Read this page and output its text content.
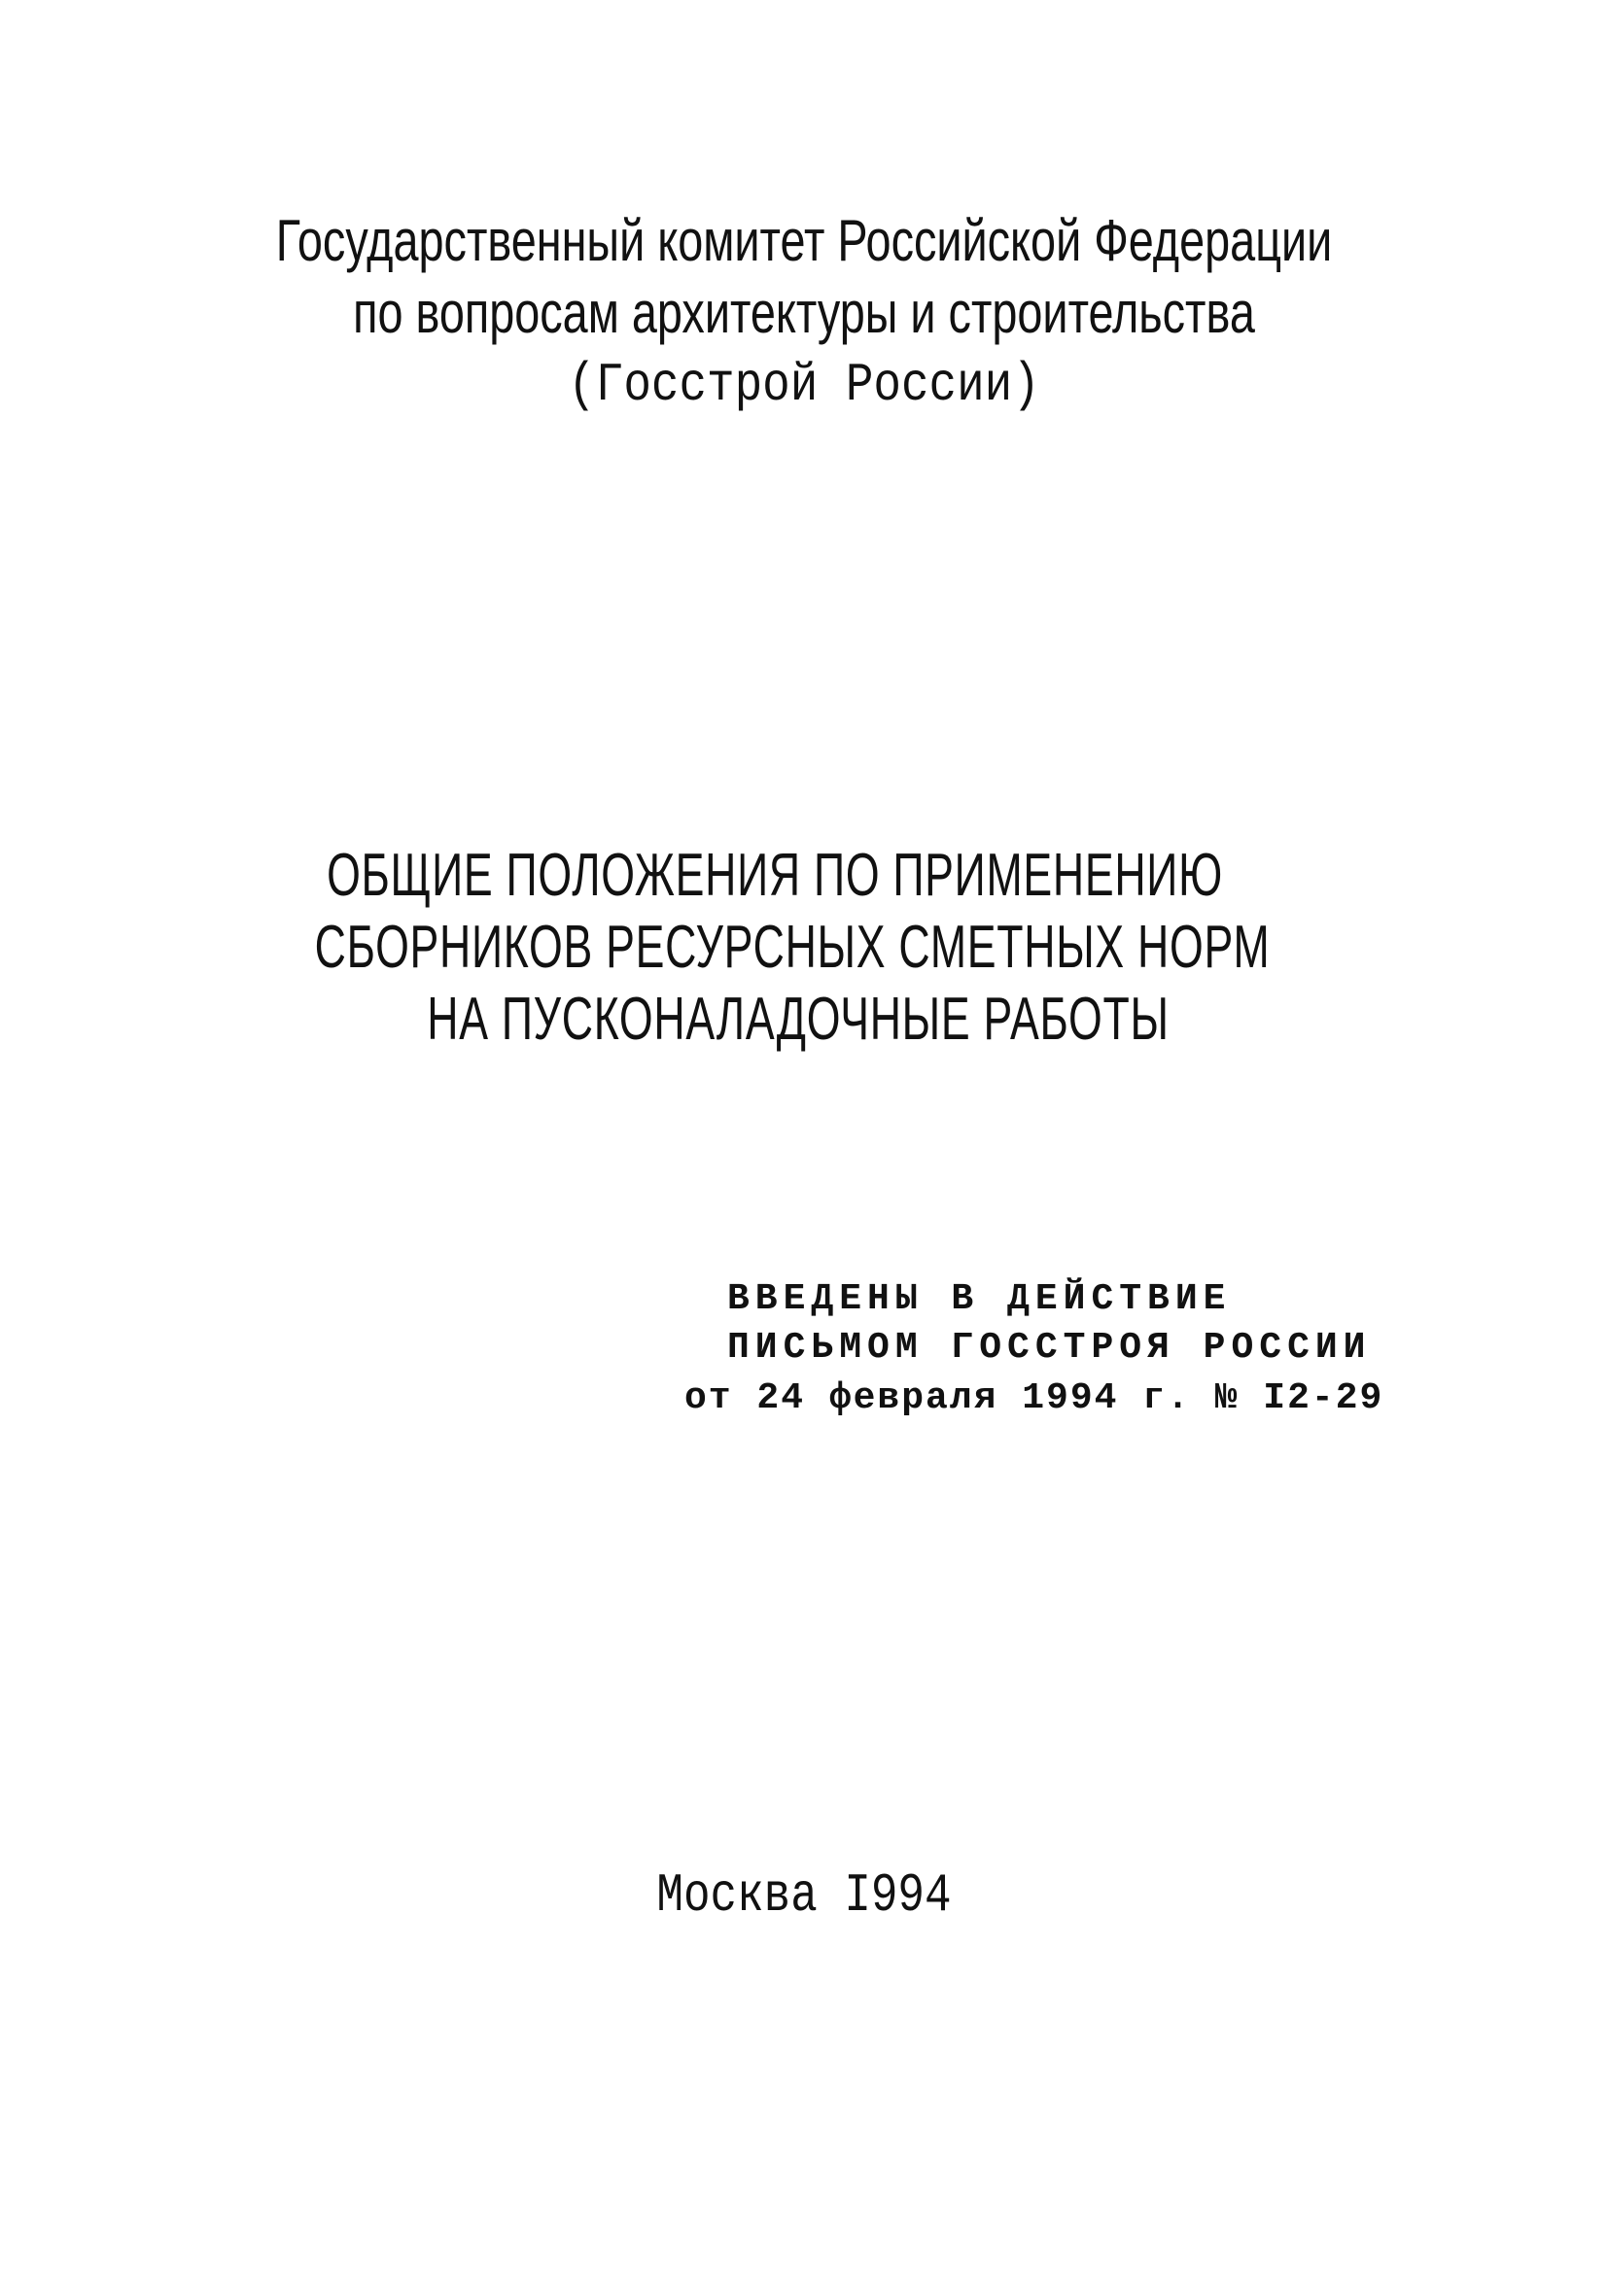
Государственный комитет Российской Федерации
по вопросам архитектуры и строительства
(Госстрой России)
ОБЩИЕ ПОЛОЖЕНИЯ ПО ПРИМЕНЕНИЮ
СБОРНИКОВ РЕСУРСНЫХ СМЕТНЫХ НОРМ
НА ПУСКОНАЛАДОЧНЫЕ РАБОТЫ
ВВЕДЕНЫ В ДЕЙСТВИЕ
ПИСЬМОМ ГОССТРОЯ РОССИИ
от 24 февраля 1994 г. № I2-29
Москва I994
